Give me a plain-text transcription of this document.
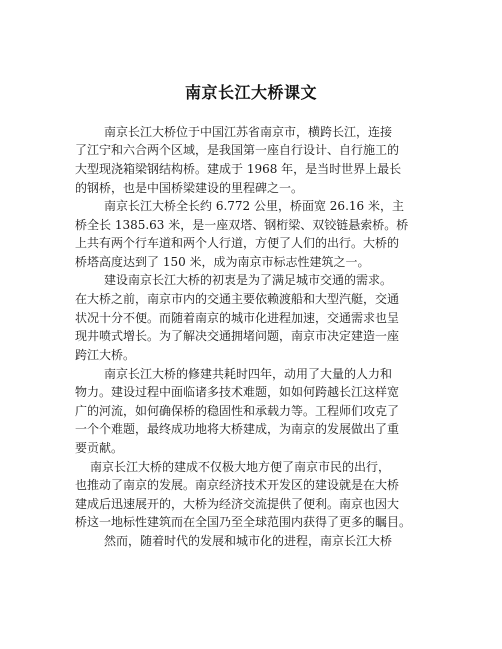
南京长江大桥课文
南京长江大桥位于中国江苏省南京市，横跨长江，连接
了江宁和六合两个区域，是我国第一座自行设计、自行施工的
大型现浇箱梁钢结构桥。建成于 1968 年，是当时世界上最长
的钢桥，也是中国桥梁建设的里程碑之一。
南京长江大桥全长约 6.772 公里，桥面宽 26.16 米，主
桥全长 1385.63 米，是一座双塔、钢桁梁、双铰链悬索桥。桥
上共有两个行车道和两个人行道，方便了人们的出行。大桥的
桥塔高度达到了 150 米，成为南京市标志性建筑之一。
建设南京长江大桥的初衷是为了满足城市交通的需求。
在大桥之前，南京市内的交通主要依赖渡船和大型汽艇，交通
状况十分不便。而随着南京的城市化进程加速，交通需求也呈
现井喷式增长。为了解决交通拥堵问题，南京市决定建造一座
跨江大桥。
南京长江大桥的修建共耗时四年，动用了大量的人力和
物力。建设过程中面临诸多技术难题，如如何跨越长江这样宽
广的河流，如何确保桥的稳固性和承载力等。工程师们攻克了
一个个难题，最终成功地将大桥建成，为南京的发展做出了重
要贡献。
南京长江大桥的建成不仅极大地方便了南京市民的出行，
也推动了南京的发展。南京经济技术开发区的建设就是在大桥
建成后迅速展开的，大桥为经济交流提供了便利。南京也因大
桥这一地标性建筑而在全国乃至全球范围内获得了更多的瞩目。
然而，随着时代的发展和城市化的进程，南京长江大桥
